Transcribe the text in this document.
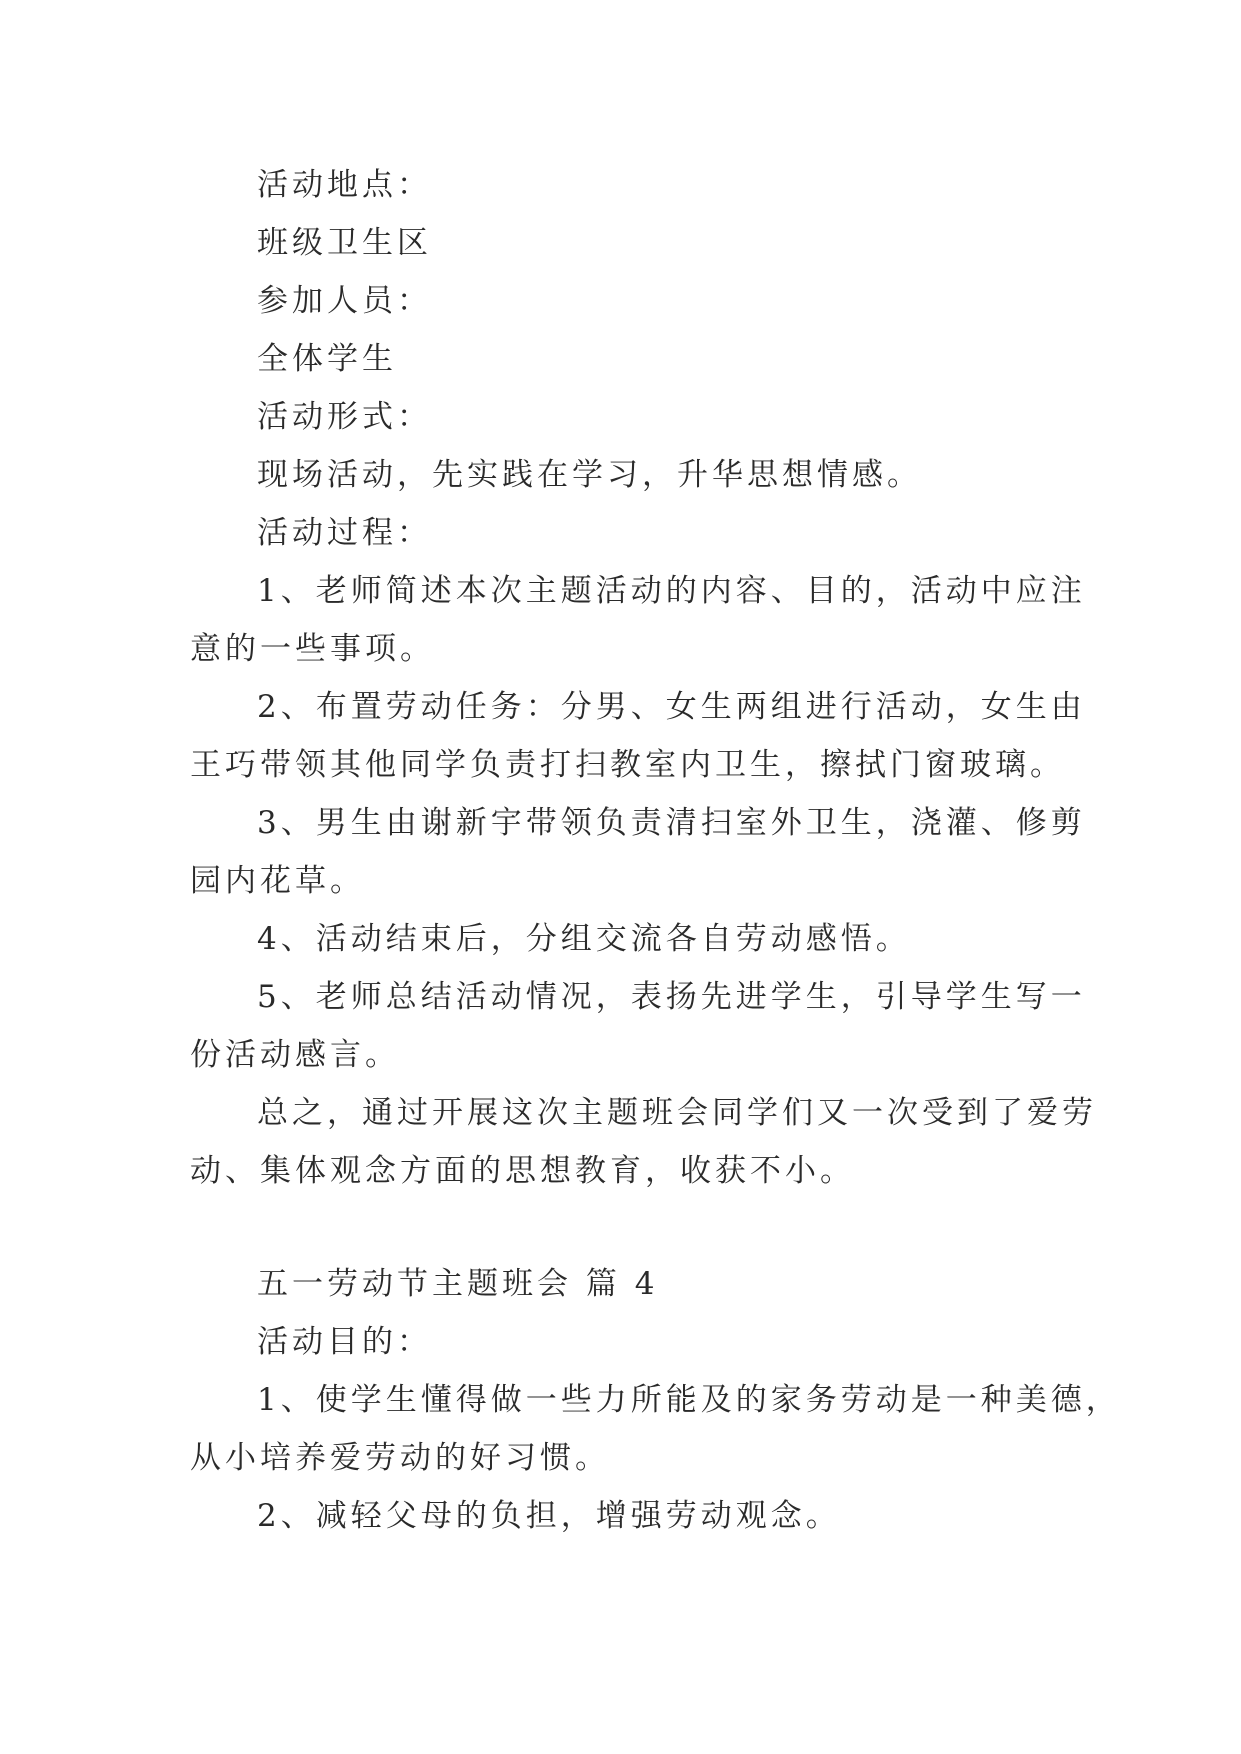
活动地点：
班级卫生区
参加人员：
全体学生
活动形式：
现场活动，先实践在学习，升华思想情感。
活动过程：
1、老师简述本次主题活动的内容、目的，活动中应注
意的一些事项。
2、布置劳动任务：分男、女生两组进行活动，女生由
王巧带领其他同学负责打扫教室内卫生，擦拭门窗玻璃。
3、男生由谢新宇带领负责清扫室外卫生，浇灌、修剪
园内花草。
4、活动结束后，分组交流各自劳动感悟。
5、老师总结活动情况，表扬先进学生，引导学生写一
份活动感言。
总之，通过开展这次主题班会同学们又一次受到了爱劳
动、集体观念方面的思想教育，收获不小。
五一劳动节主题班会 篇 4
活动目的：
1、使学生懂得做一些力所能及的家务劳动是一种美德，
从小培养爱劳动的好习惯。
2、减轻父母的负担，增强劳动观念。
